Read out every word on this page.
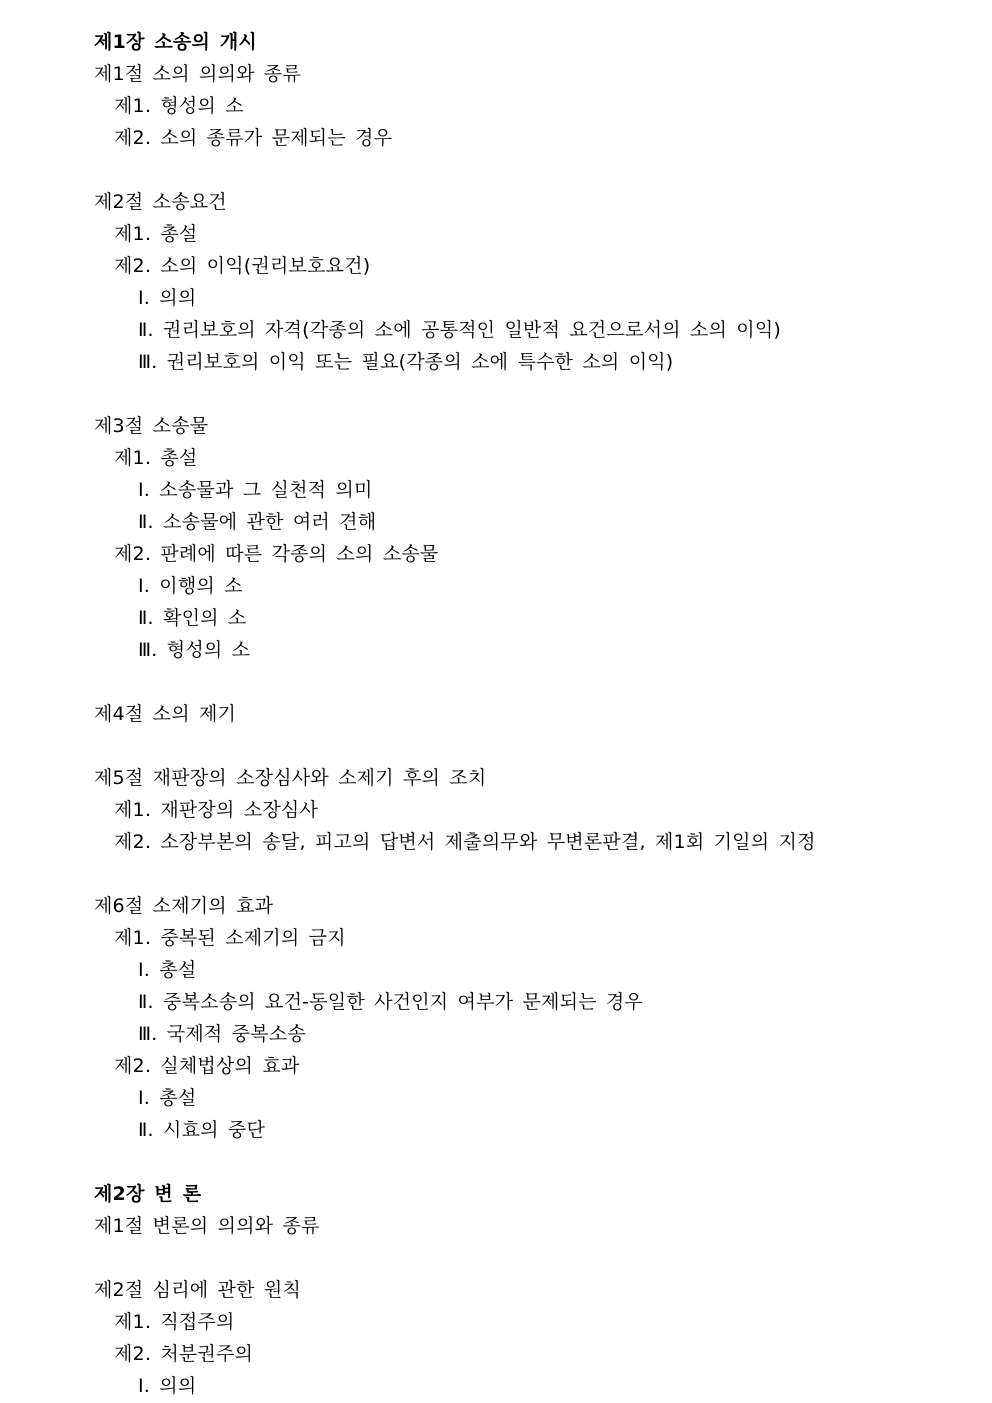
제1장 소송의 개시
제1절 소의 의의와 종류
제1. 형성의 소
제2. 소의 종류가 문제되는 경우
제2절 소송요건
제1. 총설
제2. 소의 이익(권리보호요건)
Ⅰ. 의의
Ⅱ. 권리보호의 자격(각종의 소에 공통적인 일반적 요건으로서의 소의 이익)
Ⅲ. 권리보호의 이익 또는 필요(각종의 소에 특수한 소의 이익)
제3절 소송물
제1. 총설
Ⅰ. 소송물과 그 실천적 의미
Ⅱ. 소송물에 관한 여러 견해
제2. 판례에 따른 각종의 소의 소송물
Ⅰ. 이행의 소
Ⅱ. 확인의 소
Ⅲ. 형성의 소
제4절 소의 제기
제5절 재판장의 소장심사와 소제기 후의 조치
제1. 재판장의 소장심사
제2. 소장부본의 송달, 피고의 답변서 제출의무와 무변론판결, 제1회 기일의 지정
제6절 소제기의 효과
제1. 중복된 소제기의 금지
Ⅰ. 총설
Ⅱ. 중복소송의 요건-동일한 사건인지 여부가 문제되는 경우
Ⅲ. 국제적 중복소송
제2. 실체법상의 효과
Ⅰ. 총설
Ⅱ. 시효의 중단
제2장 변 론
제1절 변론의 의의와 종류
제2절 심리에 관한 원칙
제1. 직접주의
제2. 처분권주의
Ⅰ. 의의
